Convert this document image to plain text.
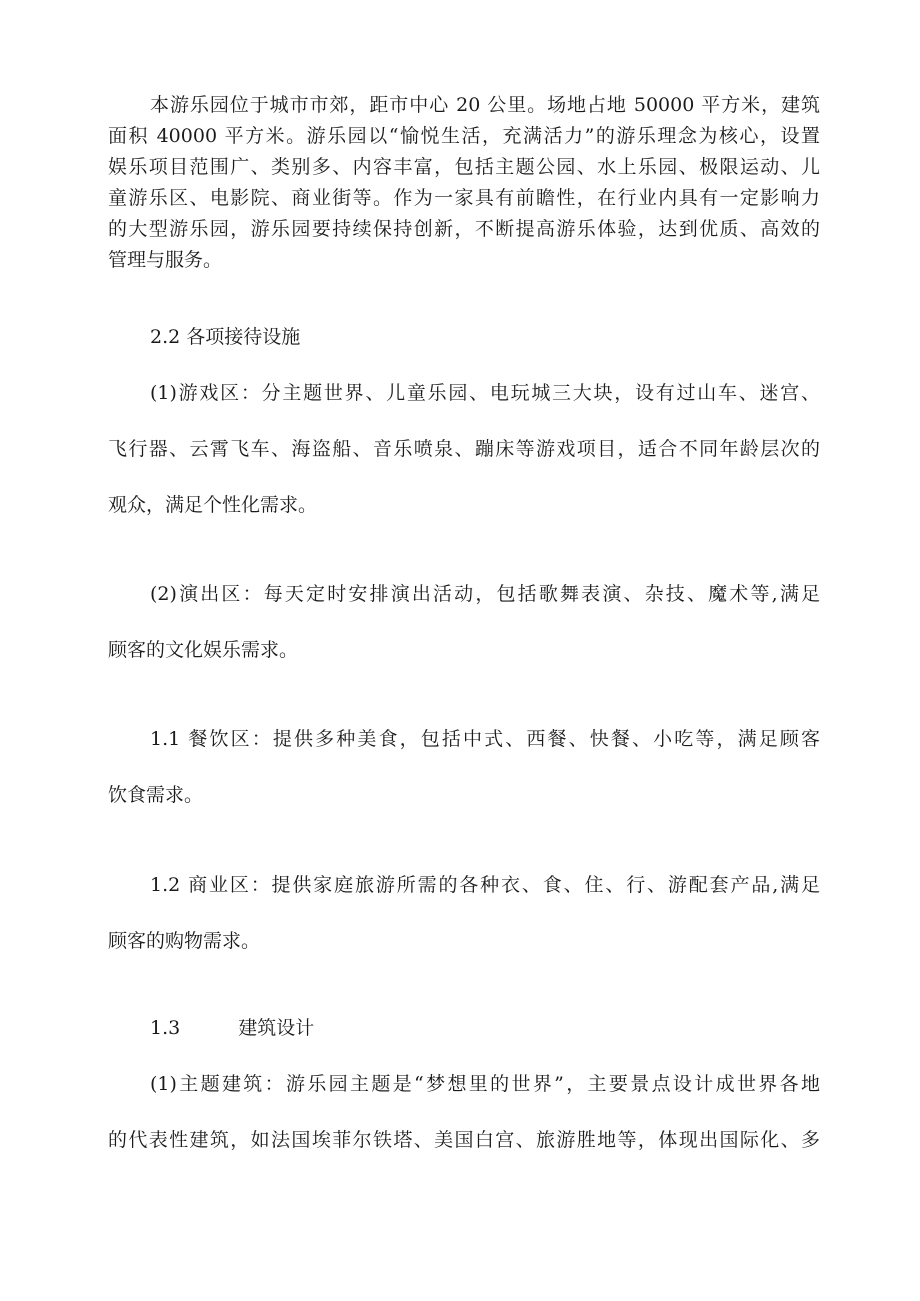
本游乐园位于城市市郊，距市中心 20 公里。场地占地 50000 平方米，建筑
面积 40000 平方米。游乐园以“愉悦生活，充满活力”的游乐理念为核心，设置
娱乐项目范围广、类别多、内容丰富，包括主题公园、水上乐园、极限运动、儿
童游乐区、电影院、商业街等。作为一家具有前瞻性，在行业内具有一定影响力
的大型游乐园，游乐园要持续保持创新，不断提高游乐体验，达到优质、高效的
管理与服务。
2.2 各项接待设施
(1)游戏区：分主题世界、儿童乐园、电玩城三大块，设有过山车、迷宫、
飞行器、云霄飞车、海盗船、音乐喷泉、蹦床等游戏项目，适合不同年龄层次的
观众，满足个性化需求。
(2)演出区：每天定时安排演出活动，包括歌舞表演、杂技、魔术等,满足
顾客的文化娱乐需求。
1.1 餐饮区：提供多种美食，包括中式、西餐、快餐、小吃等，满足顾客
饮食需求。
1.2 商业区：提供家庭旅游所需的各种衣、食、住、行、游配套产品,满足
顾客的购物需求。
1.3	建筑设计
(1)主题建筑：游乐园主题是“梦想里的世界”，主要景点设计成世界各地
的代表性建筑，如法国埃菲尔铁塔、美国白宫、旅游胜地等，体现出国际化、多
